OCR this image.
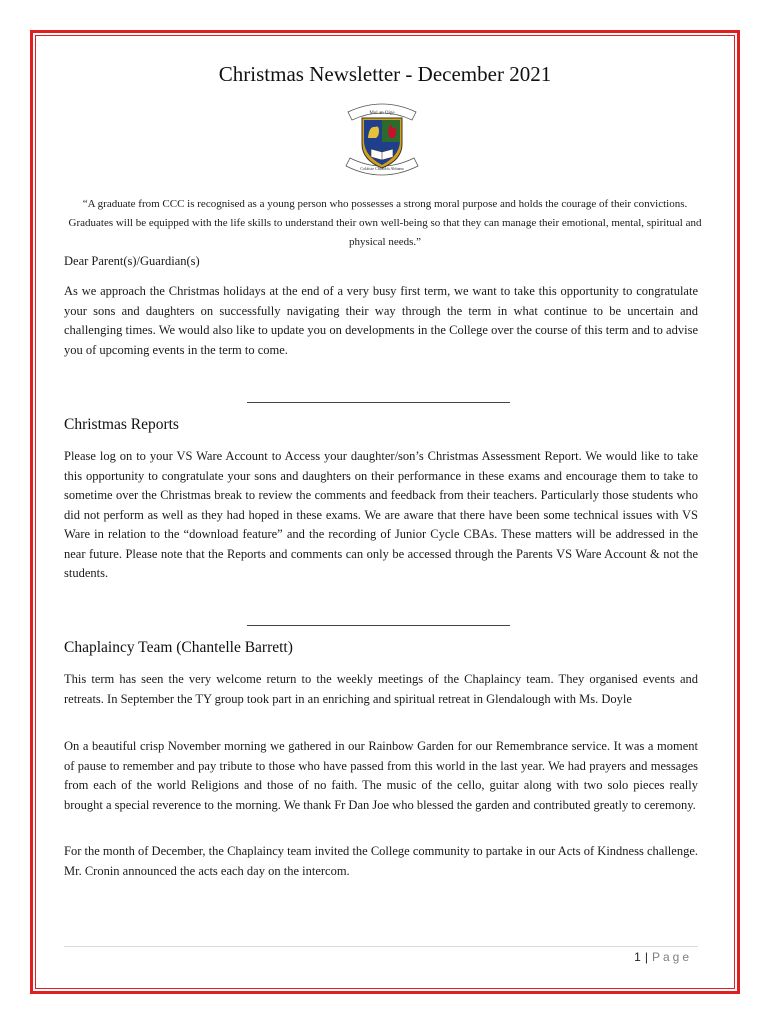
Christmas Newsletter - December 2021
Mol an Oige
Coláiste Chraobh Abhann

“A graduate from CCC is recognised as a young person who possesses a strong moral purpose and holds the courage of their convictions. Graduates will be equipped with the life skills to understand their own well-being so that they can manage their emotional, mental, spiritual and physical needs.”

Dear Parent(s)/Guardian(s)

As we approach the Christmas holidays at the end of a very busy first term, we want to take this opportunity to congratulate your sons and daughters on successfully navigating their way through the term in what continue to be uncertain and challenging times. We would also like to update you on developments in the College over the course of this term and to advise you of upcoming events in the term to come.

Christmas Reports

Please log on to your VS Ware Account to Access your daughter/son’s Christmas Assessment Report. We would like to take this opportunity to congratulate your sons and daughters on their performance in these exams and encourage them to take to sometime over the Christmas break to review the comments and feedback from their teachers. Particularly those students who did not perform as well as they had hoped in these exams. We are aware that there have been some technical issues with VS Ware in relation to the “download feature” and the recording of Junior Cycle CBAs. These matters will be addressed in the near future. Please note that the Reports and comments can only be accessed through the Parents VS Ware Account & not the students.

Chaplaincy Team (Chantelle Barrett)

This term has seen the very welcome return to the weekly meetings of the Chaplaincy team. They organised events and retreats. In September the TY group took part in an enriching and spiritual retreat in Glendalough with Ms. Doyle

On a beautiful crisp November morning we gathered in our Rainbow Garden for our Remembrance service. It was a moment of pause to remember and pay tribute to those who have passed from this world in the last year. We had prayers and messages from each of the world Religions and those of no faith. The music of the cello, guitar along with two solo pieces really brought a special reverence to the morning. We thank Fr Dan Joe who blessed the garden and contributed greatly to ceremony.

For the month of December, the Chaplaincy team invited the College community to partake in our Acts of Kindness challenge. Mr. Cronin announced the acts each day on the intercom.

1 | Page
